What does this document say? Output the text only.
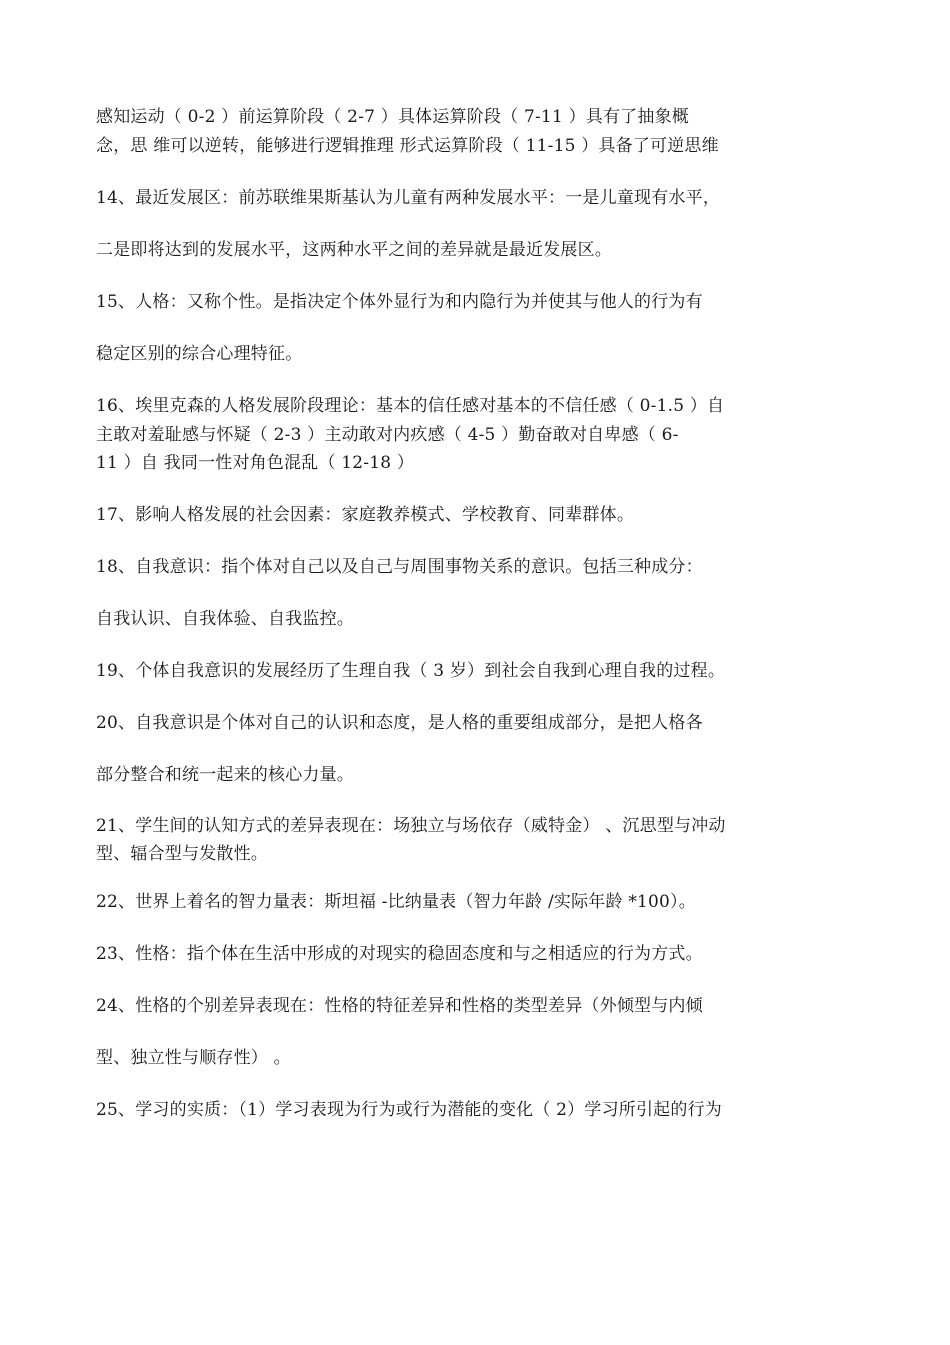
感知运动（ 0-2 ）前运算阶段（ 2-7 ）具体运算阶段（ 7-11 ）具有了抽象概
念，思 维可以逆转，能够进行逻辑推理 形式运算阶段（ 11-15 ）具备了可逆思维
14、最近发展区：前苏联维果斯基认为儿童有两种发展水平：一是儿童现有水平，
二是即将达到的发展水平，这两种水平之间的差异就是最近发展区。
15、人格：又称个性。是指决定个体外显行为和内隐行为并使其与他人的行为有
稳定区别的综合心理特征。
16、埃里克森的人格发展阶段理论：基本的信任感对基本的不信任感（ 0-1.5 ）自
主敢对羞耻感与怀疑（ 2-3 ）主动敢对内疚感（ 4-5 ）勤奋敢对自卑感（ 6-
11 ）自 我同一性对角色混乱（ 12-18 ）
17、影响人格发展的社会因素：家庭教养模式、学校教育、同辈群体。
18、自我意识：指个体对自己以及自己与周围事物关系的意识。包括三种成分：
自我认识、自我体验、自我监控。
19、个体自我意识的发展经历了生理自我（ 3 岁）到社会自我到心理自我的过程。
20、自我意识是个体对自己的认识和态度，是人格的重要组成部分，是把人格各
部分整合和统一起来的核心力量。
21、学生间的认知方式的差异表现在：场独立与场依存（威特金） 、沉思型与冲动
型、辐合型与发散性。
22、世界上着名的智力量表：斯坦福 -比纳量表（智力年龄 /实际年龄 *100）。
23、性格：指个体在生活中形成的对现实的稳固态度和与之相适应的行为方式。
24、性格的个别差异表现在：性格的特征差异和性格的类型差异（外倾型与内倾
型、独立性与顺存性） 。
25、学习的实质：（1）学习表现为行为或行为潜能的变化（ 2）学习所引起的行为
